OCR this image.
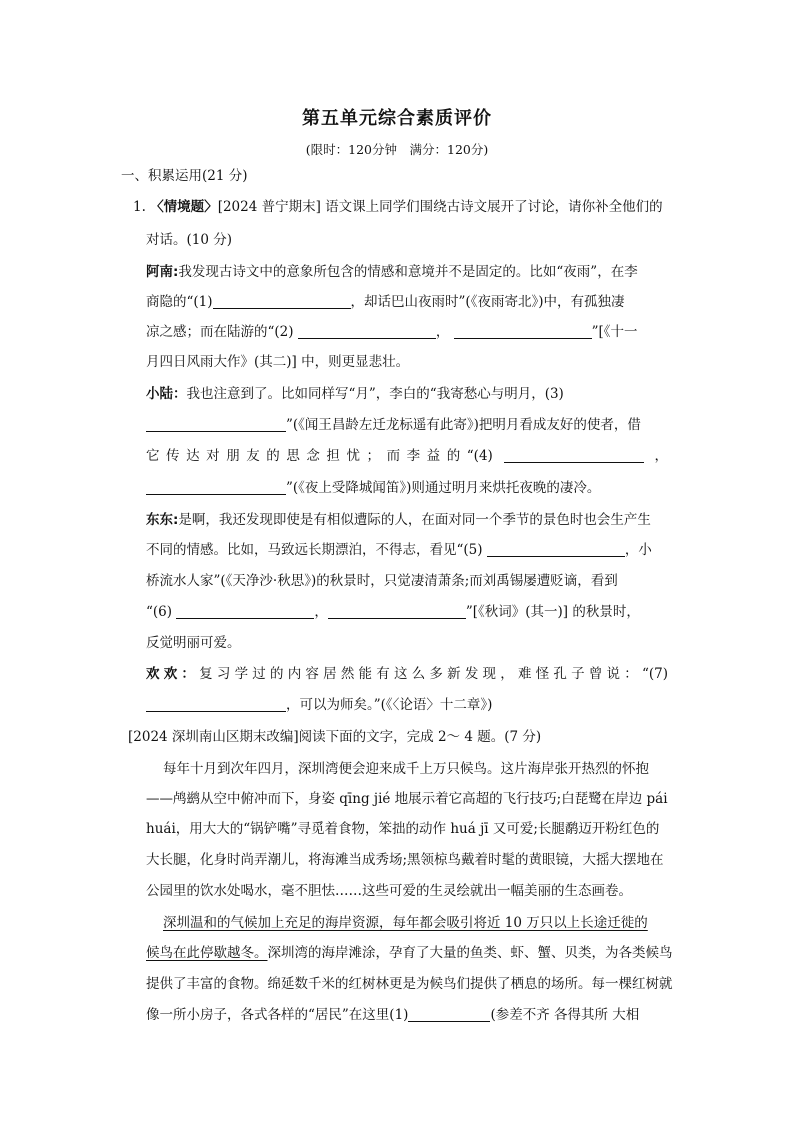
第五单元综合素质评价
(限时：120分钟　满分：120分)
一、积累运用(21 分)
1. 〈情境题〉[2024 普宁期末] 语文课上同学们围绕古诗文展开了讨论，请你补全他们的
对话。(10 分)
阿南:我发现古诗文中的意象所包含的情感和意境并不是固定的。比如“夜雨”，在李
商隐的“(1)	，却话巴山夜雨时”(《夜雨寄北》)中，有孤独凄
凉之感；而在陆游的“(2)	，	”[《十一
月四日风雨大作》(其二)] 中，则更显悲壮。
小陆：我也注意到了。比如同样写“月”，李白的“我寄愁心与明月，(3)
”(《闻王昌龄左迁龙标遥有此寄》)把明月看成友好的使者，借
它传达对朋友的思念担忧；而李益的“(4)	，
”(《夜上受降城闻笛》)则通过明月来烘托夜晚的凄冷。
东东:是啊，我还发现即使是有相似遭际的人，在面对同一个季节的景色时也会生产生
不同的情感。比如，马致远长期漂泊，不得志，看见“(5)	，小
桥流水人家”(《天净沙·秋思》)的秋景时，只觉凄清萧条;而刘禹锡屡遭贬谪，看到
“(6)	，	”[《秋词》(其一)] 的秋景时，
反觉明丽可爱。
欢欢：复习学过的内容居然能有这么多新发现，难怪孔子曾说：“(7)
，可以为师矣。”(《〈论语〉十二章》)
[2024 深圳南山区期末改编]阅读下面的文字，完成 2～ 4 题。(7 分)
每年十月到次年四月，深圳湾便会迎来成千上万只候鸟。这片海岸张开热烈的怀抱
——鸬鹚从空中俯冲而下，身姿 qīng jié 地展示着它高超的飞行技巧;白琵鹭在岸边 pái
huái，用大大的“锅铲嘴”寻觅着食物，笨拙的动作 huá jī 又可爱;长腿鹬迈开粉红色的
大长腿，化身时尚弄潮儿，将海滩当成秀场;黑领椋鸟戴着时髦的黄眼镜，大摇大摆地在
公园里的饮水处喝水，毫不胆怯……这些可爱的生灵绘就出一幅美丽的生态画卷。
深圳温和的气候加上充足的海岸资源，每年都会吸引将近 10 万只以上长途迁徙的
候鸟在此停歇越冬。深圳湾的海岸滩涂，孕育了大量的鱼类、虾、蟹、贝类，为各类候鸟
提供了丰富的食物。绵延数千米的红树林更是为候鸟们提供了栖息的场所。每一棵红树就
像一所小房子，各式各样的“居民”在这里(1)	(参差不齐 各得其所 大相
